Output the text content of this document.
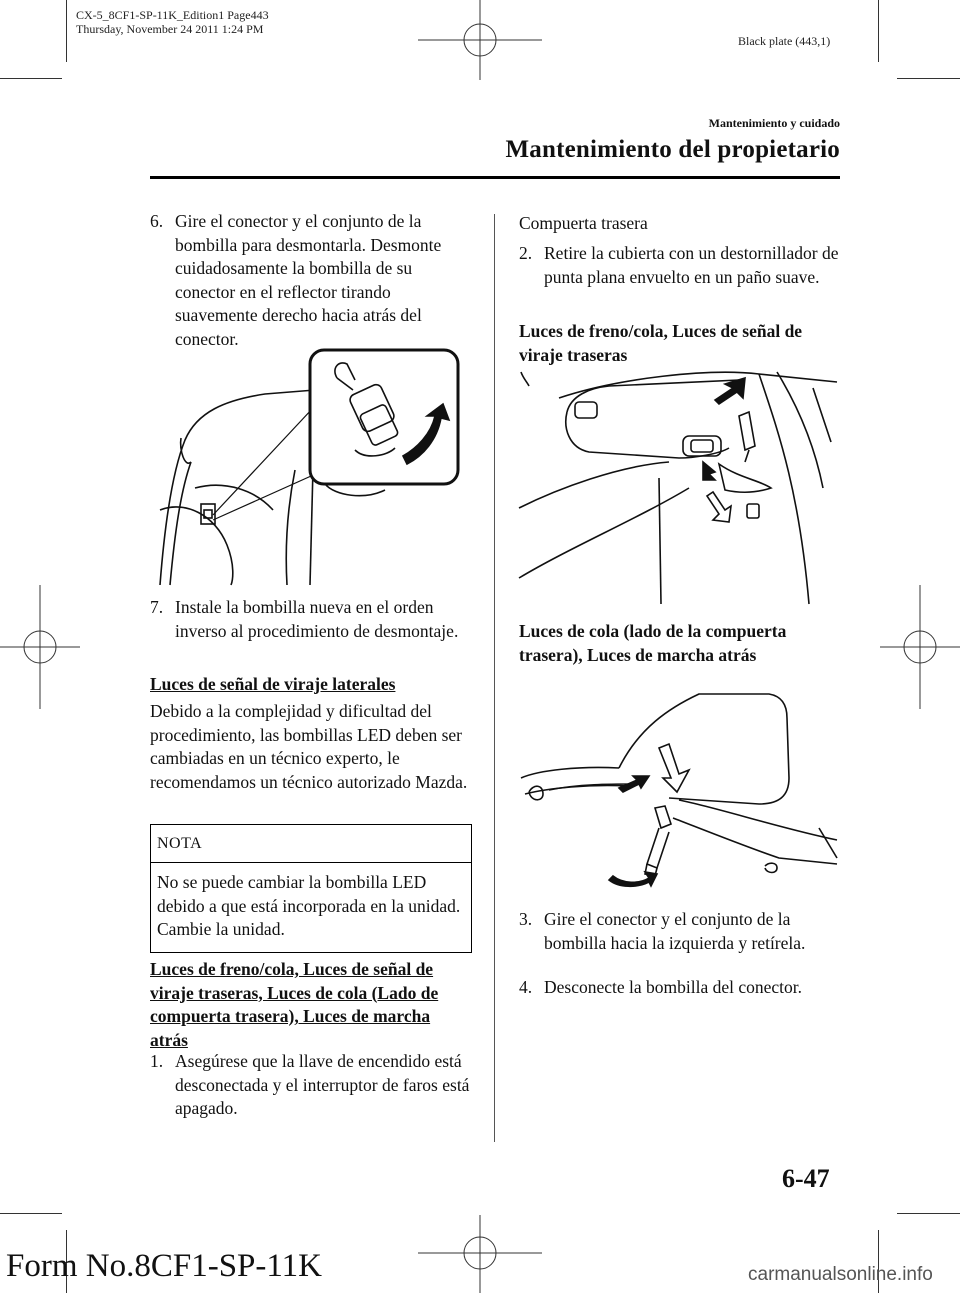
CX-5_8CF1-SP-11K_Edition1 Page443
Thursday, November 24 2011 1:24 PM
Black plate (443,1)
Mantenimiento y cuidado
Mantenimiento del propietario
6. Gire el conector y el conjunto de la bombilla para desmontarla. Desmonte cuidadosamente la bombilla de su conector en el reflector tirando suavemente derecho hacia atrás del conector.
7. Instale la bombilla nueva en el orden inverso al procedimiento de desmontaje.
Luces de señal de viraje laterales
Debido a la complejidad y dificultad del procedimiento, las bombillas LED deben ser cambiadas en un técnico experto, le recomendamos un técnico autorizado Mazda.
NOTA
No se puede cambiar la bombilla LED debido a que está incorporada en la unidad. Cambie la unidad.
Luces de freno/cola, Luces de señal de viraje traseras, Luces de cola (Lado de compuerta trasera), Luces de marcha atrás
1. Asegúrese que la llave de encendido está desconectada y el interruptor de faros está apagado.
Compuerta trasera
2. Retire la cubierta con un destornillador de punta plana envuelto en un paño suave.
Luces de freno/cola, Luces de señal de viraje traseras
Luces de cola (lado de la compuerta trasera), Luces de marcha atrás
3. Gire el conector y el conjunto de la bombilla hacia la izquierda y retírela.
4. Desconecte la bombilla del conector.
6-47
Form No.8CF1-SP-11K	carmanualsonline.info
